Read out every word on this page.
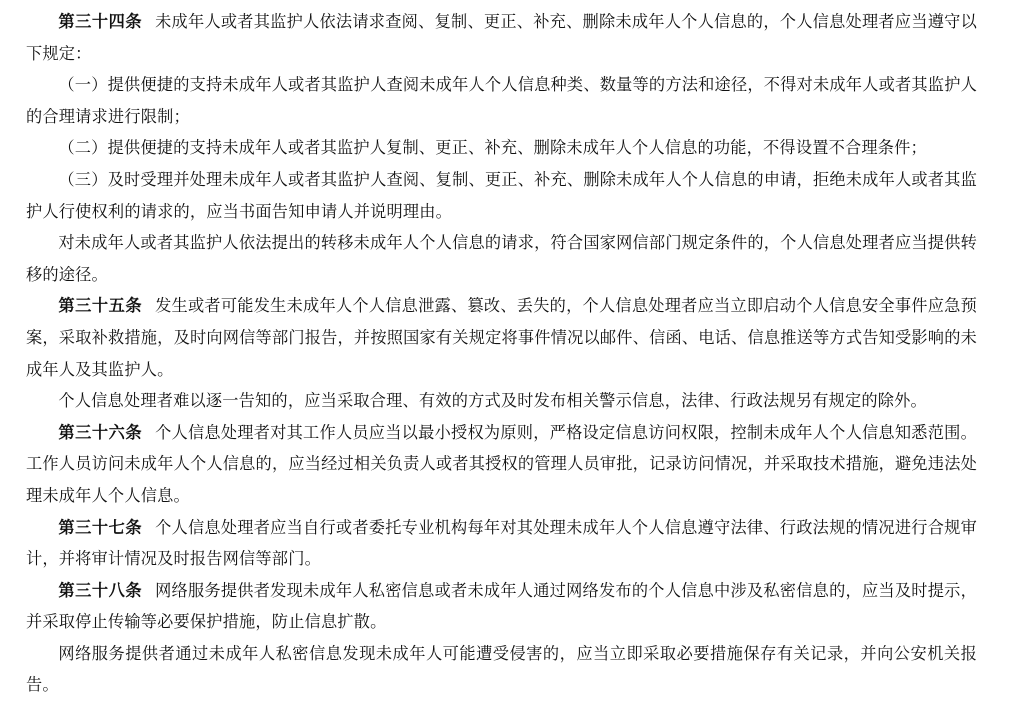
第三十四条 未成年人或者其监护人依法请求查阅、复制、更正、补充、删除未成年人个人信息的，个人信息处理者应当遵守以下规定：

（一）提供便捷的支持未成年人或者其监护人查阅未成年人个人信息种类、数量等的方法和途径，不得对未成年人或者其监护人的合理请求进行限制；

（二）提供便捷的支持未成年人或者其监护人复制、更正、补充、删除未成年人个人信息的功能，不得设置不合理条件；

（三）及时受理并处理未成年人或者其监护人查阅、复制、更正、补充、删除未成年人个人信息的申请，拒绝未成年人或者其监护人行使权利的请求的，应当书面告知申请人并说明理由。

对未成年人或者其监护人依法提出的转移未成年人个人信息的请求，符合国家网信部门规定条件的，个人信息处理者应当提供转移的途径。

第三十五条 发生或者可能发生未成年人个人信息泄露、篡改、丢失的，个人信息处理者应当立即启动个人信息安全事件应急预案，采取补救措施，及时向网信等部门报告，并按照国家有关规定将事件情况以邮件、信函、电话、信息推送等方式告知受影响的未成年人及其监护人。

个人信息处理者难以逐一告知的，应当采取合理、有效的方式及时发布相关警示信息，法律、行政法规另有规定的除外。

第三十六条 个人信息处理者对其工作人员应当以最小授权为原则，严格设定信息访问权限，控制未成年人个人信息知悉范围。工作人员访问未成年人个人信息的，应当经过相关负责人或者其授权的管理人员审批，记录访问情况，并采取技术措施，避免违法处理未成年人个人信息。

第三十七条 个人信息处理者应当自行或者委托专业机构每年对其处理未成年人个人信息遵守法律、行政法规的情况进行合规审计，并将审计情况及时报告网信等部门。

第三十八条 网络服务提供者发现未成年人私密信息或者未成年人通过网络发布的个人信息中涉及私密信息的，应当及时提示，并采取停止传输等必要保护措施，防止信息扩散。

网络服务提供者通过未成年人私密信息发现未成年人可能遭受侵害的，应当立即采取必要措施保存有关记录，并向公安机关报告。
